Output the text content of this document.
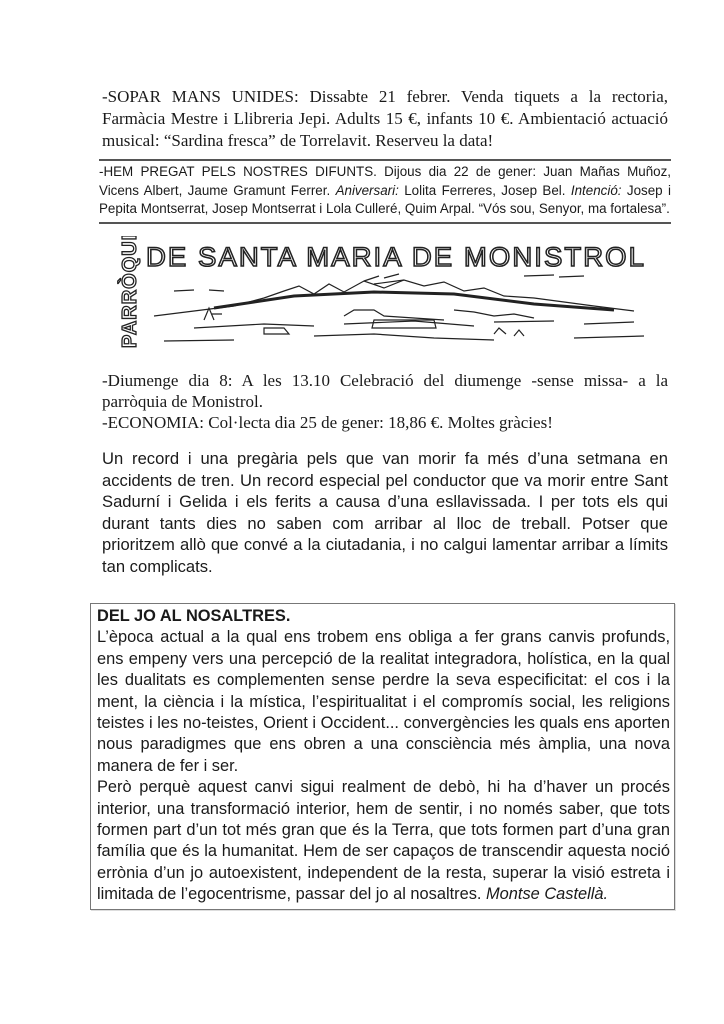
-SOPAR MANS UNIDES: Dissabte 21 febrer. Venda tiquets a la rectoria, Farmàcia Mestre i Llibreria Jepi. Adults 15 €, infants 10 €. Ambientació actuació musical: “Sardina fresca” de Torrelavit. Reserveu la data!
-HEM PREGAT PELS NOSTRES DIFUNTS. Dijous dia 22 de gener: Juan Mañas Muñoz, Vicens Albert, Jaume Gramunt Ferrer. Aniversari: Lolita Ferreres, Josep Bel. Intenció: Josep i Pepita Montserrat, Josep Montserrat i Lola Culleré, Quim Arpal. “Vós sou, Senyor, ma fortalesa”.
PARRÒQUIA DE SANTA MARIA DE MONISTROL
-Diumenge dia 8: A les 13.10 Celebració del diumenge -sense missa- a la parròquia de Monistrol.
-ECONOMIA: Col·lecta dia 25 de gener: 18,86 €. Moltes gràcies!
Un record i una pregària pels que van morir fa més d’una setmana en accidents de tren. Un record especial pel conductor que va morir entre Sant Sadurní i Gelida i els ferits a causa d’una esllavissada. I per tots els qui durant tants dies no saben com arribar al lloc de treball. Potser que prioritzem allò que convé a la ciutadania, i no calgui lamentar arribar a límits tan complicats.
DEL JO AL NOSALTRES.
L’època actual a la qual ens trobem ens obliga a fer grans canvis profunds, ens empeny vers una percepció de la realitat integradora, holística, en la qual les dualitats es complementen sense perdre la seva especificitat: el cos i la ment, la ciència i la mística, l’espiritualitat i el compromís social, les religions teistes i les no-teistes, Orient i Occident... convergències les quals ens aporten nous paradigmes que ens obren a una consciència més àmplia, una nova manera de fer i ser.
Però perquè aquest canvi sigui realment de debò, hi ha d’haver un procés interior, una transformació interior, hem de sentir, i no només saber, que tots formen part d’un tot més gran que és la Terra, que tots formen part d’una gran família que és la humanitat. Hem de ser capaços de transcendir aquesta noció errònia d’un jo autoexistent, independent de la resta, superar la visió estreta i limitada de l’egocentrisme, passar del jo al nosaltres. Montse Castellà.
